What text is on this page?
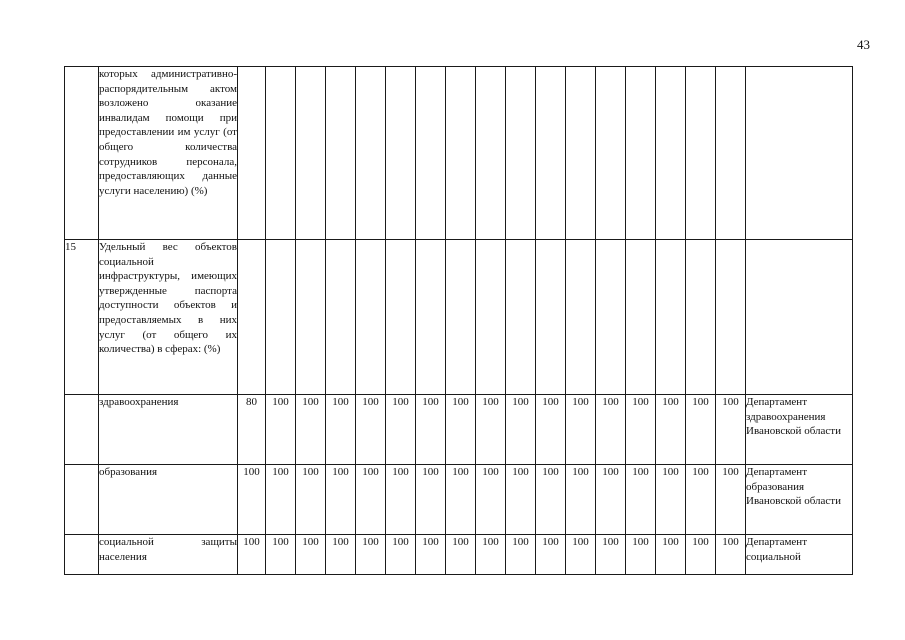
43
	которых административно-распорядительным актом возложено оказание инвалидам помощи при предоставлении им услуг (от общего количества сотрудников персонала, предоставляющих данные услуги населению) (%)																		
15	Удельный вес объектов социальной инфраструктуры, имеющих утвержденные паспорта доступности объектов и предоставляемых в них услуг (от общего их количества) в сферах: (%)																		
	здравоохранения	80	100	100	100	100	100	100	100	100	100	100	100	100	100	100	100	100	Департамент здравоохранения Ивановской области
	образования	100	100	100	100	100	100	100	100	100	100	100	100	100	100	100	100	100	Департамент образования Ивановской области
	социальной защиты
населения	100	100	100	100	100	100	100	100	100	100	100	100	100	100	100	100	100	Департамент социальной
